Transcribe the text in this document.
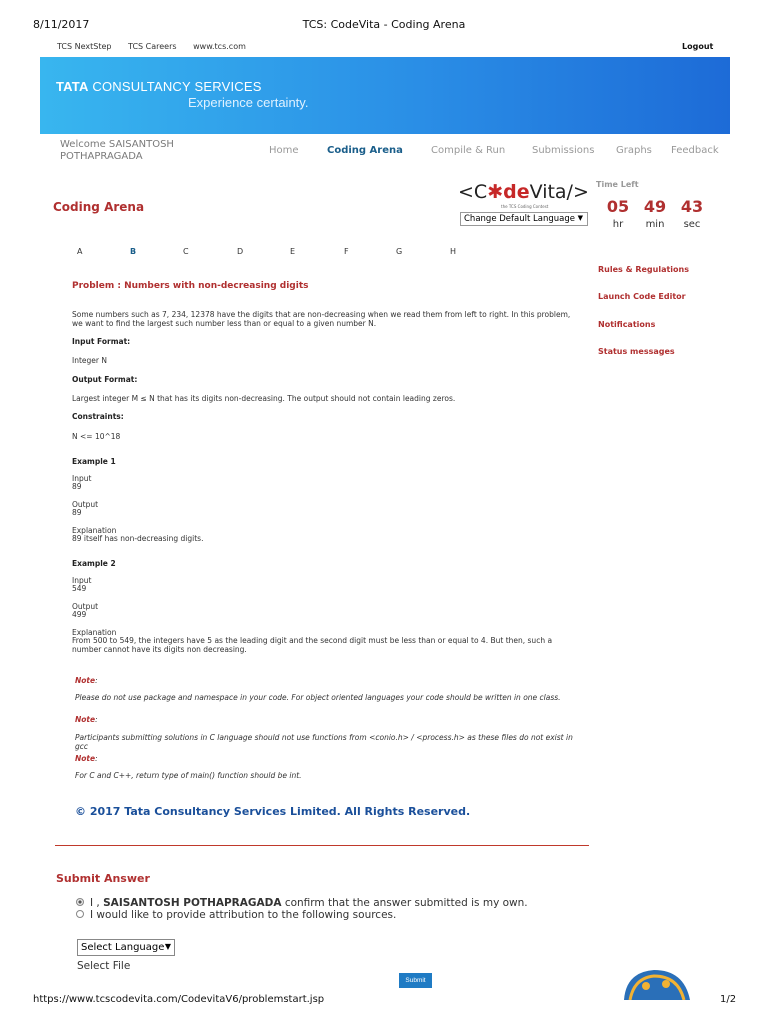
8/11/2017	TCS: CodeVita - Coding Arena
TCS NextStep TCS Careers www.tcs.com	Logout
TATA CONSULTANCY SERVICES
Experience certainty.
Welcome SAISANTOSH POTHAPRAGADA
Home	Coding Arena	Compile & Run	Submissions Graphs Feedback
Coding Arena
<C✱deVita/>
the TCS Coding Contest
Change Default Language ▼
Time Left
05 49 43
hr	min	sec
A	B	C	D	E	F	G	H
Rules & Regulations
Launch Code Editor
Notifications
Status messages
Problem : Numbers with non-decreasing digits
Some numbers such as 7, 234, 12378 have the digits that are non-decreasing when we read them from left to right. In this problem, we want to find the largest such number less than or equal to a given number N.
Input Format:
Integer N
Output Format:
Largest integer M ≤ N that has its digits non-decreasing. The output should not contain leading zeros.
Constraints:
N <= 10^18
Example 1
Input
89
Output
89
Explanation
89 itself has non-decreasing digits.
Example 2
Input
549
Output
499
Explanation
From 500 to 549, the integers have 5 as the leading digit and the second digit must be less than or equal to 4. But then, such a number cannot have its digits non decreasing.
Note:
Please do not use package and namespace in your code. For object oriented languages your code should be written in one class.
Note:
Participants submitting solutions in C language should not use functions from <conio.h> / <process.h> as these files do not exist in gcc
Note:
For C and C++, return type of main() function should be int.
© 2017 Tata Consultancy Services Limited. All Rights Reserved.
Submit Answer
I , SAISANTOSH POTHAPRAGADA confirm that the answer submitted is my own.
I would like to provide attribution to the following sources.
Select Language ▼
Select File
Submit
https://www.tcscodevita.com/CodevitaV6/problemstart.jsp	1/2
